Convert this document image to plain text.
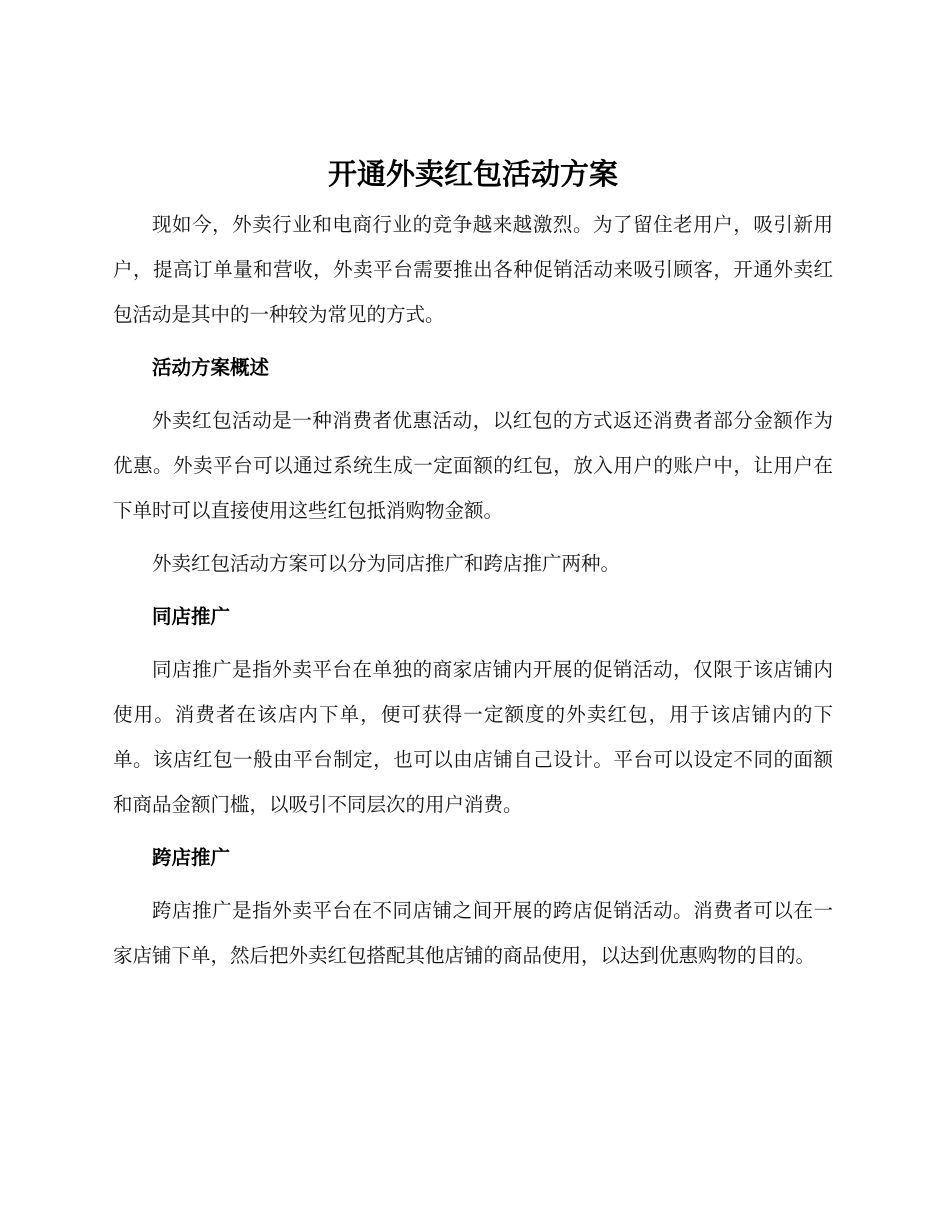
开通外卖红包活动方案

现如今，外卖行业和电商行业的竞争越来越激烈。为了留住老用户，吸引新用户，提高订单量和营收，外卖平台需要推出各种促销活动来吸引顾客，开通外卖红包活动是其中的一种较为常见的方式。

活动方案概述

外卖红包活动是一种消费者优惠活动，以红包的方式返还消费者部分金额作为优惠。外卖平台可以通过系统生成一定面额的红包，放入用户的账户中，让用户在下单时可以直接使用这些红包抵消购物金额。

外卖红包活动方案可以分为同店推广和跨店推广两种。

同店推广

同店推广是指外卖平台在单独的商家店铺内开展的促销活动，仅限于该店铺内使用。消费者在该店内下单，便可获得一定额度的外卖红包，用于该店铺内的下单。该店红包一般由平台制定，也可以由店铺自己设计。平台可以设定不同的面额和商品金额门槛，以吸引不同层次的用户消费。

跨店推广

跨店推广是指外卖平台在不同店铺之间开展的跨店促销活动。消费者可以在一家店铺下单，然后把外卖红包搭配其他店铺的商品使用，以达到优惠购物的目的。
